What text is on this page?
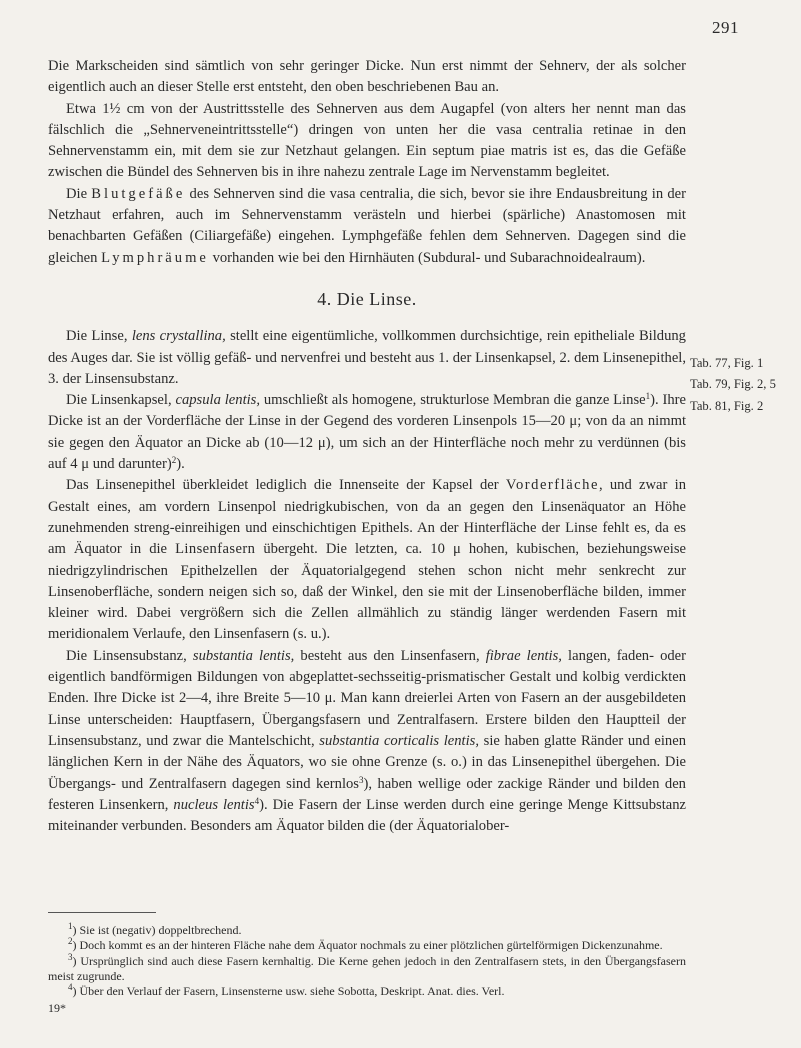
291

Die Markscheiden sind sämtlich von sehr geringer Dicke. Nun erst nimmt der Sehnerv, der als solcher eigentlich auch an dieser Stelle erst entsteht, den oben beschriebenen Bau an.

Etwa 1½ cm von der Austrittsstelle des Sehnerven aus dem Augapfel (von alters her nennt man das fälschlich die „Sehnerveneintrittsstelle“) dringen von unten her die vasa centralia retinae in den Sehnervenstamm ein, mit dem sie zur Netzhaut gelangen. Ein septum piae matris ist es, das die Gefäße zwischen die Bündel des Sehnerven bis in ihre nahezu zentrale Lage im Nervenstamm begleitet.

Die Blutgefäße des Sehnerven sind die vasa centralia, die sich, bevor sie ihre Endausbreitung in der Netzhaut erfahren, auch im Sehnervenstamm verästeln und hierbei (spärliche) Anastomosen mit benachbarten Gefäßen (Ciliargefäße) eingehen. Lymphgefäße fehlen dem Sehnerven. Dagegen sind die gleichen Lymphräume vorhanden wie bei den Hirnhäuten (Subdural- und Subarachnoidealraum).

4. Die Linse.

Die Linse, lens crystallina, stellt eine eigentümliche, vollkommen durchsichtige, rein epitheliale Bildung des Auges dar. Sie ist völlig gefäß- und nervenfrei und besteht aus 1. der Linsenkapsel, 2. dem Linsenepithel, 3. der Linsensubstanz.

Die Linsenkapsel, capsula lentis, umschließt als homogene, strukturlose Membran die ganze Linse$^1$). Ihre Dicke ist an der Vorderfläche der Linse in der Gegend des vorderen Linsenpols 15—20 μ; von da an nimmt sie gegen den Äquator an Dicke ab (10—12 μ), um sich an der Hinterfläche noch mehr zu verdünnen (bis auf 4 μ und darunter)$^2$).

Das Linsenepithel überkleidet lediglich die Innenseite der Kapsel der Vorderfläche, und zwar in Gestalt eines, am vordern Linsenpol niedrigkubischen, von da an gegen den Linsenäquator an Höhe zunehmenden streng-einreihigen und einschichtigen Epithels. An der Hinterfläche der Linse fehlt es, da es am Äquator in die Linsenfasern übergeht. Die letzten, ca. 10 μ hohen, kubischen, beziehungsweise niedrigzylindrischen Epithelzellen der Äquatorialgegend stehen schon nicht mehr senkrecht zur Linsenoberfläche, sondern neigen sich so, daß der Winkel, den sie mit der Linsenoberfläche bilden, immer kleiner wird. Dabei vergrößern sich die Zellen allmählich zu ständig länger werdenden Fasern mit meridionalem Verlaufe, den Linsenfasern (s. u.).

Die Linsensubstanz, substantia lentis, besteht aus den Linsenfasern, fibrae lentis, langen, faden- oder eigentlich bandförmigen Bildungen von abgeplattet-sechsseitig-prismatischer Gestalt und kolbig verdickten Enden. Ihre Dicke ist 2—4, ihre Breite 5—10 μ. Man kann dreierlei Arten von Fasern an der ausgebildeten Linse unterscheiden: Hauptfasern, Übergangsfasern und Zentralfasern. Erstere bilden den Hauptteil der Linsensubstanz, und zwar die Mantelschicht, substantia corticalis lentis, sie haben glatte Ränder und einen länglichen Kern in der Nähe des Äquators, wo sie ohne Grenze (s. o.) in das Linsenepithel übergehen. Die Übergangs- und Zentralfasern dagegen sind kernlos$^3$), haben wellige oder zackige Ränder und bilden den festeren Linsenkern, nucleus lentis$^4$). Die Fasern der Linse werden durch eine geringe Menge Kittsubstanz miteinander verbunden. Besonders am Äquator bilden die (der Äquatorialober-

Tab. 77, Fig. 1
Tab. 79, Fig. 2, 5
Tab. 81, Fig. 2

$^1$) Sie ist (negativ) doppeltbrechend.

$^2$) Doch kommt es an der hinteren Fläche nahe dem Äquator nochmals zu einer plötzlichen gürtelförmigen Dickenzunahme.

$^3$) Ursprünglich sind auch diese Fasern kernhaltig. Die Kerne gehen jedoch in den Zentralfasern stets, in den Übergangsfasern meist zugrunde.

$^4$) Über den Verlauf der Fasern, Linsensterne usw. siehe Sobotta, Deskript. Anat. dies. Verl.

19*
